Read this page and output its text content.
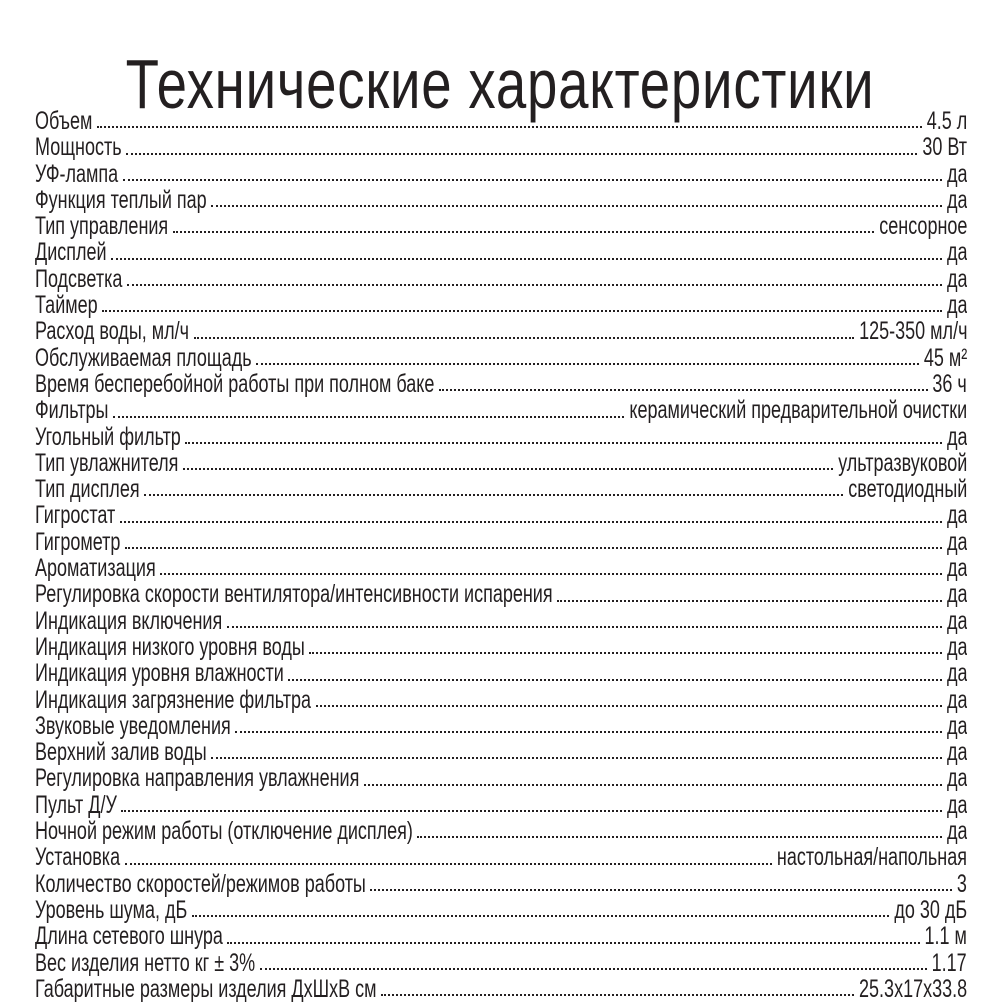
Технические характеристики
Объем	4.5 л
Мощность	30 Вт
УФ-лампа	да
Функция теплый пар	да
Тип управления	сенсорное
Дисплей	да
Подсветка	да
Таймер	да
Расход воды, мл/ч	125-350 мл/ч
Обслуживаемая площадь	45 м²
Время бесперебойной работы при полном баке	36 ч
Фильтры	керамический предварительной очистки
Угольный фильтр	да
Тип увлажнителя	ультразвуковой
Тип дисплея	светодиодный
Гигростат	да
Гигрометр	да
Ароматизация	да
Регулировка скорости вентилятора/интенсивности испарения	да
Индикация включения	да
Индикация низкого уровня воды	да
Индикация уровня влажности	да
Индикация загрязнение фильтра	да
Звуковые уведомления	да
Верхний залив воды	да
Регулировка направления увлажнения	да
Пульт Д/У	да
Ночной режим работы (отключение дисплея)	да
Установка	настольная/напольная
Количество скоростей/режимов работы	3
Уровень шума, дБ	до 30 дБ
Длина сетевого шнура	1.1 м
Вес изделия нетто кг ± 3%	1.17
Габаритные размеры изделия ДхШхВ см	25.3х17х33.8
